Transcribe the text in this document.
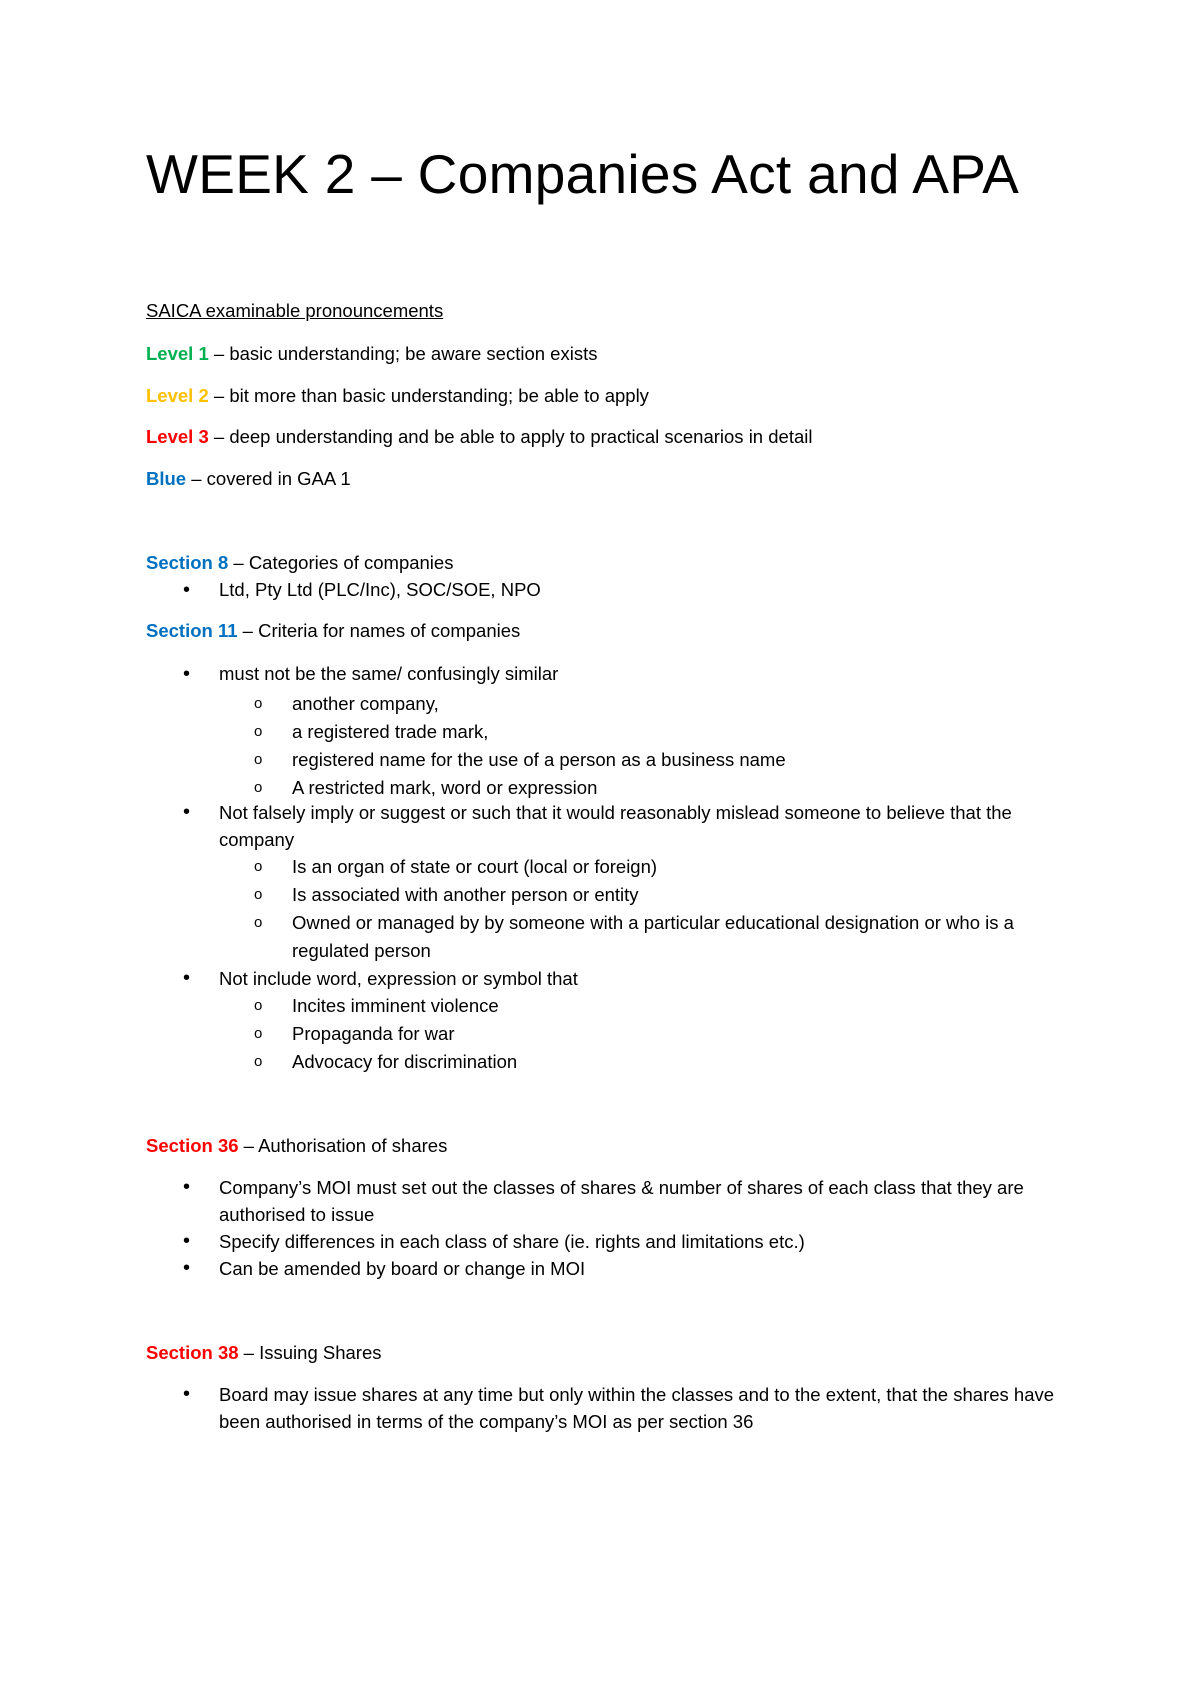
WEEK 2 – Companies Act and APA

SAICA examinable pronouncements

Level 1 – basic understanding; be aware section exists

Level 2 – bit more than basic understanding; be able to apply

Level 3 – deep understanding and be able to apply to practical scenarios in detail

Blue – covered in GAA 1

Section 8 – Categories of companies

• Ltd, Pty Ltd (PLC/Inc), SOC/SOE, NPO

Section 11 – Criteria for names of companies

• must not be the same/ confusingly similar
o another company,
o a registered trade mark,
o registered name for the use of a person as a business name
o A restricted mark, word or expression
• Not falsely imply or suggest or such that it would reasonably mislead someone to believe that the company
o Is an organ of state or court (local or foreign)
o Is associated with another person or entity
o Owned or managed by by someone with a particular educational designation or who is a regulated person
• Not include word, expression or symbol that
o Incites imminent violence
o Propaganda for war
o Advocacy for discrimination

Section 36 – Authorisation of shares

• Company’s MOI must set out the classes of shares & number of shares of each class that they are authorised to issue
• Specify differences in each class of share (ie. rights and limitations etc.)
• Can be amended by board or change in MOI

Section 38 – Issuing Shares

• Board may issue shares at any time but only within the classes and to the extent, that the shares have been authorised in terms of the company’s MOI as per section 36
